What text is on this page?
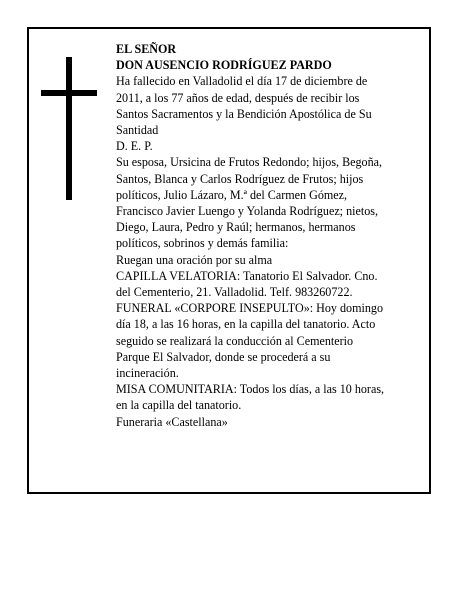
EL SEÑOR
DON AUSENCIO RODRÍGUEZ PARDO
Ha fallecido en Valladolid el día 17 de diciembre de
2011, a los 77 años de edad, después de recibir los
Santos Sacramentos y la Bendición Apostólica de Su
Santidad
D. E. P.
Su esposa, Ursicina de Frutos Redondo; hijos, Begoña,
Santos, Blanca y Carlos Rodríguez de Frutos; hijos
políticos, Julio Lázaro, M.ª del Carmen Gómez,
Francisco Javier Luengo y Yolanda Rodríguez; nietos,
Diego, Laura, Pedro y Raúl; hermanos, hermanos
políticos, sobrinos y demás familia:
Ruegan una oración por su alma
CAPILLA VELATORIA: Tanatorio El Salvador. Cno.
del Cementerio, 21. Valladolid. Telf. 983260722.
FUNERAL «CORPORE INSEPULTO»: Hoy domingo
día 18, a las 16 horas, en la capilla del tanatorio. Acto
seguido se realizará la conducción al Cementerio
Parque El Salvador, donde se procederá a su
incineración.
MISA COMUNITARIA: Todos los días, a las 10 horas,
en la capilla del tanatorio.
Funeraria «Castellana»
